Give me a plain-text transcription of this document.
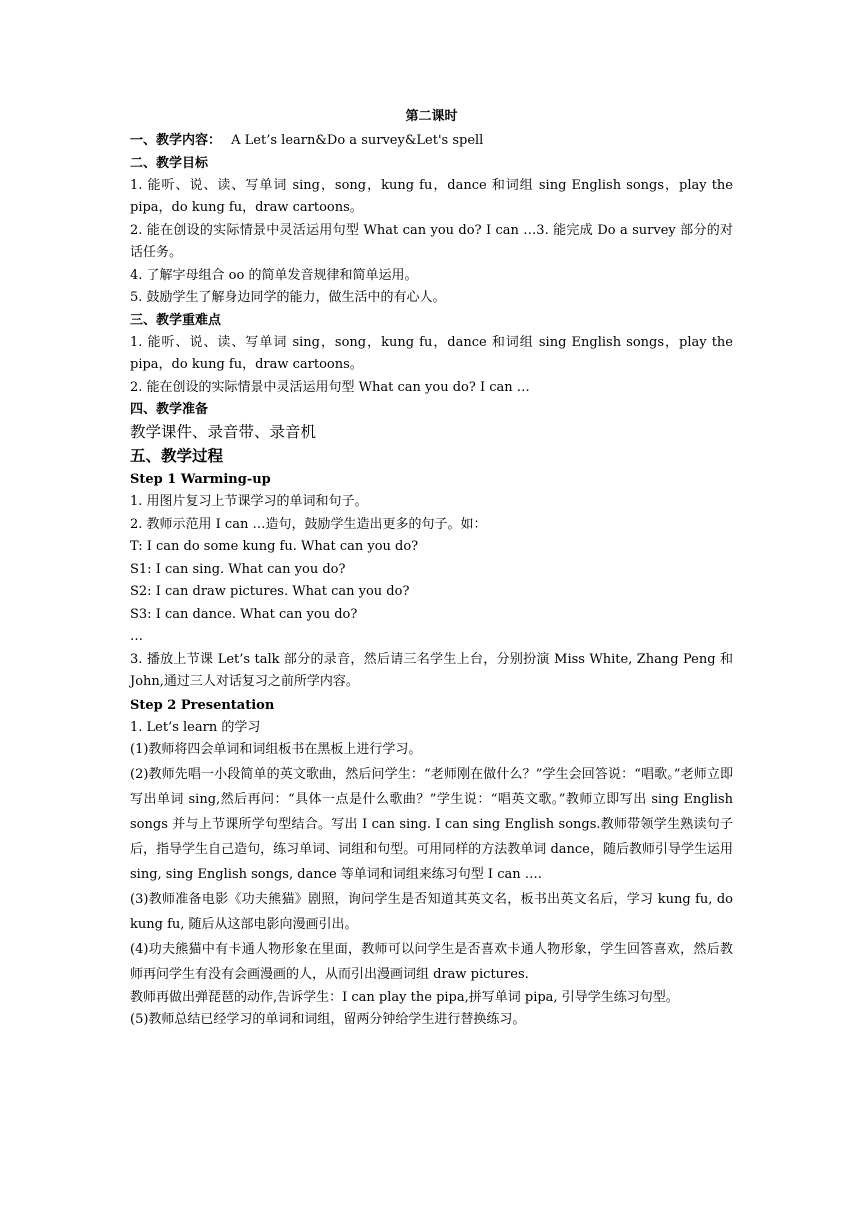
第二课时
一、教学内容： A Let’s learn&Do a survey&Let's spell
二、教学目标
1. 能听、说、读、写单词 sing，song，kung fu，dance 和词组 sing English songs，play the pipa，do kung fu，draw cartoons。
2. 能在创设的实际情景中灵活运用句型 What can you do? I can …3. 能完成 Do a survey 部分的对话任务。
4. 了解字母组合 oo 的简单发音规律和简单运用。
5. 鼓励学生了解身边同学的能力，做生活中的有心人。
三、教学重难点
1. 能听、说、读、写单词 sing，song，kung fu，dance 和词组 sing English songs，play the pipa，do kung fu，draw cartoons。
2. 能在创设的实际情景中灵活运用句型 What can you do? I can …
四、教学准备
教学课件、录音带、录音机
五、教学过程
Step 1 Warming-up
1. 用图片复习上节课学习的单词和句子。
2. 教师示范用 I can …造句，鼓励学生造出更多的句子。如：
T: I can do some kung fu. What can you do?
S1: I can sing. What can you do?
S2: I can draw pictures. What can you do?
S3: I can dance. What can you do?
…
3. 播放上节课 Let’s talk 部分的录音，然后请三名学生上台，分别扮演 Miss White, Zhang Peng 和 John,通过三人对话复习之前所学内容。
Step 2 Presentation
1. Let’s learn 的学习
(1)教师将四会单词和词组板书在黑板上进行学习。
(2)教师先唱一小段简单的英文歌曲，然后问学生：“老师刚在做什么？”学生会回答说：“唱歌。”老师立即写出单词 sing,然后再问：“具体一点是什么歌曲？”学生说：“唱英文歌。”教师立即写出 sing English songs 并与上节课所学句型结合。写出 I can sing. I can sing English songs.教师带领学生熟读句子后，指导学生自己造句，练习单词、词组和句型。可用同样的方法教单词 dance，随后教师引导学生运用 sing, sing English songs, dance 等单词和词组来练习句型 I can ….
(3)教师准备电影《功夫熊猫》剧照，询问学生是否知道其英文名，板书出英文名后，学习 kung fu, do kung fu, 随后从这部电影向漫画引出。
(4)功夫熊猫中有卡通人物形象在里面，教师可以问学生是否喜欢卡通人物形象，学生回答喜欢，然后教师再问学生有没有会画漫画的人，从而引出漫画词组 draw pictures.
教师再做出弹琵琶的动作,告诉学生：I can play the pipa,拼写单词 pipa, 引导学生练习句型。
(5)教师总结已经学习的单词和词组，留两分钟给学生进行替换练习。
